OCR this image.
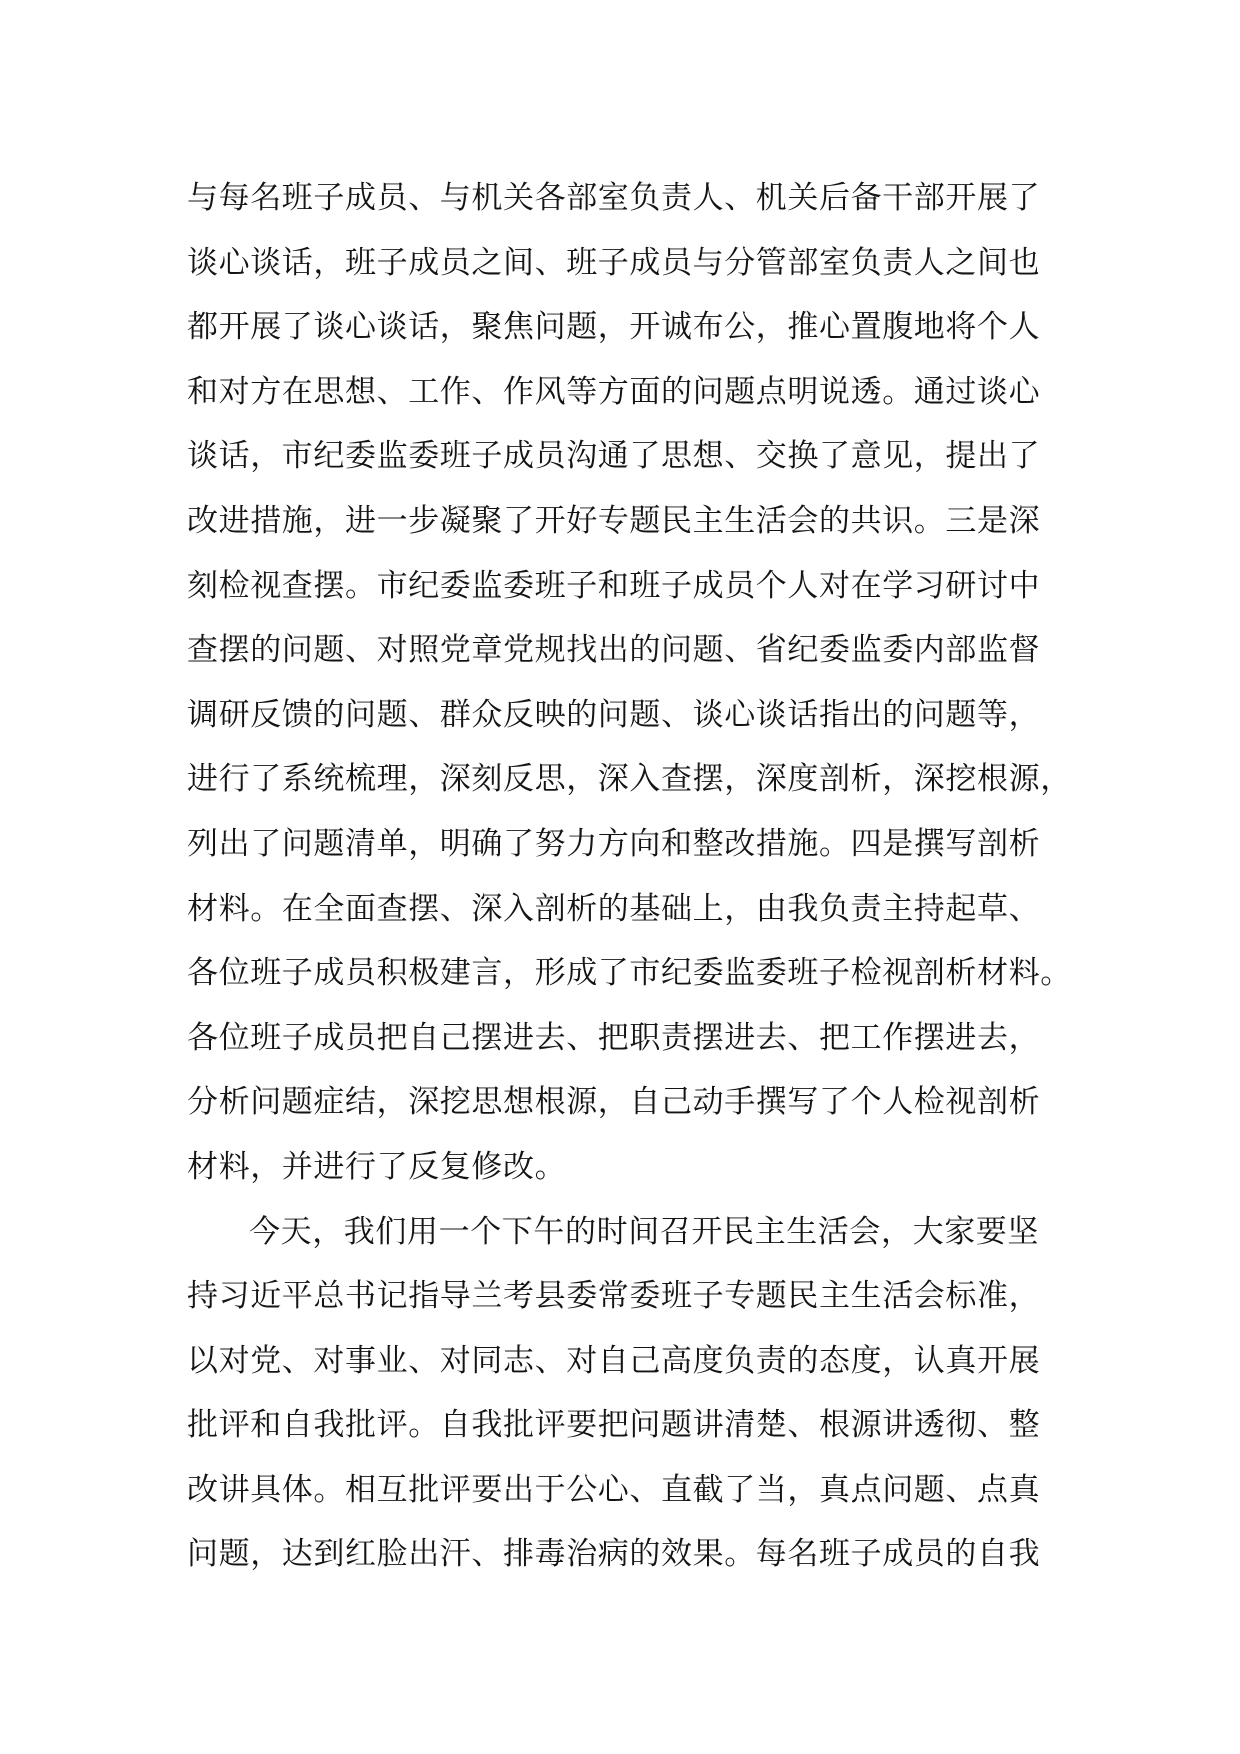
与每名班子成员、与机关各部室负责人、机关后备干部开展了
谈心谈话，班子成员之间、班子成员与分管部室负责人之间也
都开展了谈心谈话，聚焦问题，开诚布公，推心置腹地将个人
和对方在思想、工作、作风等方面的问题点明说透。通过谈心
谈话，市纪委监委班子成员沟通了思想、交换了意见，提出了
改进措施，进一步凝聚了开好专题民主生活会的共识。三是深
刻检视查摆。市纪委监委班子和班子成员个人对在学习研讨中
查摆的问题、对照党章党规找出的问题、省纪委监委内部监督
调研反馈的问题、群众反映的问题、谈心谈话指出的问题等，
进行了系统梳理，深刻反思，深入查摆，深度剖析，深挖根源，
列出了问题清单，明确了努力方向和整改措施。四是撰写剖析
材料。在全面查摆、深入剖析的基础上，由我负责主持起草、
各位班子成员积极建言，形成了市纪委监委班子检视剖析材料。
各位班子成员把自己摆进去、把职责摆进去、把工作摆进去，
分析问题症结，深挖思想根源，自己动手撰写了个人检视剖析
材料，并进行了反复修改。
今天，我们用一个下午的时间召开民主生活会，大家要坚
持习近平总书记指导兰考县委常委班子专题民主生活会标准，
以对党、对事业、对同志、对自己高度负责的态度，认真开展
批评和自我批评。自我批评要把问题讲清楚、根源讲透彻、整
改讲具体。相互批评要出于公心、直截了当，真点问题、点真
问题，达到红脸出汗、排毒治病的效果。每名班子成员的自我
